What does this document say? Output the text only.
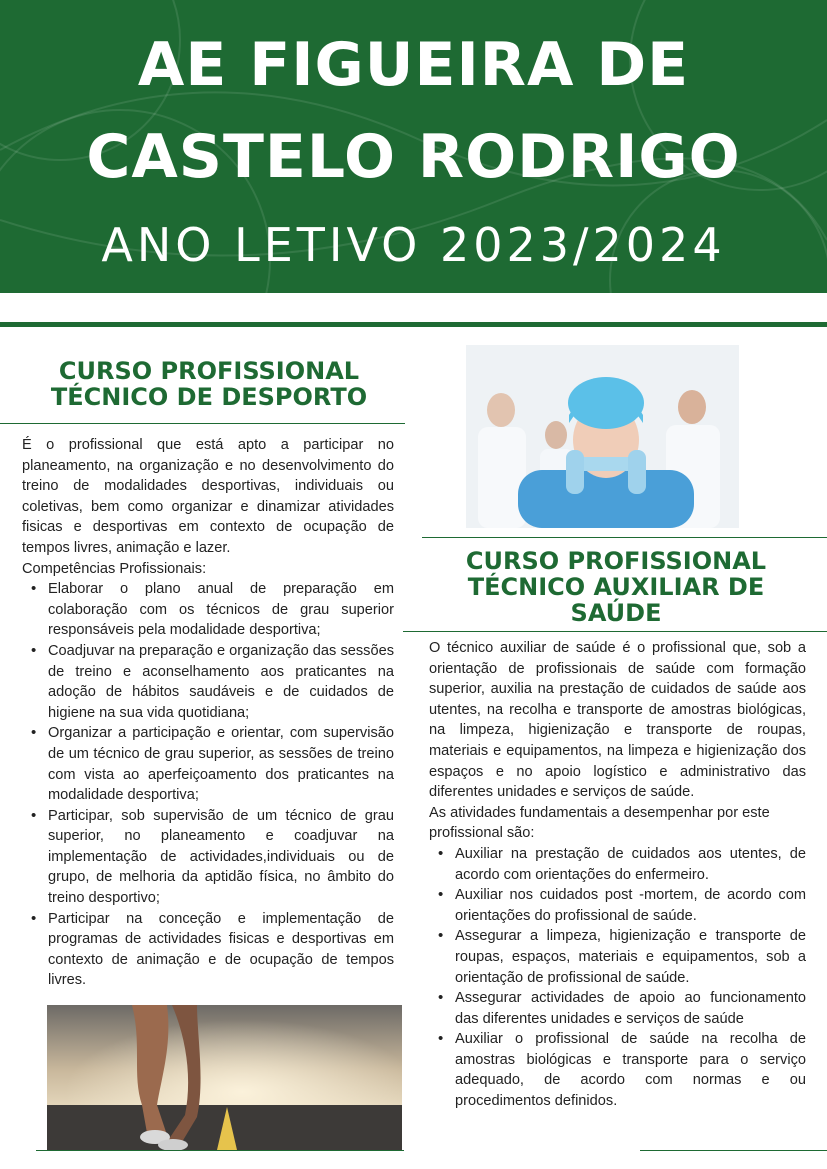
AE FIGUEIRA DE
CASTELO RODRIGO
ANO LETIVO 2023/2024
CURSO PROFISSIONAL
TÉCNICO DE DESPORTO

É o profissional que está apto a participar no planeamento, na organização e no desenvolvimento do treino de modalidades desportivas, individuais ou coletivas, bem como organizar e dinamizar atividades fisicas e desportivas em contexto de ocupação de tempos livres, animação e lazer.

Competências Profissionais:

• Elaborar o plano anual de preparação em colaboração com os técnicos de grau superior responsáveis pela modalidade desportiva;
• Coadjuvar na preparação e organização das sessões de treino e aconselhamento aos praticantes na adoção de hábitos saudáveis e de cuidados de higiene na sua vida quotidiana;
• Organizar a participação e orientar, com supervisão de um técnico de grau superior, as sessões de treino com vista ao aperfeiçoamento dos praticantes na modalidade desportiva;
• Participar, sob supervisão de um técnico de grau superior, no planeamento e coadjuvar na implementação de actividades,individuais ou de grupo, de melhoria da aptidão física, no âmbito do treino desportivo;
• Participar na conceção e implementação de programas de actividades fisicas e desportivas em contexto de animação e de ocupação de tempos livres.
CURSO PROFISSIONAL
TÉCNICO AUXILIAR DE
SAÚDE

O técnico auxiliar de saúde é o profissional que, sob a orientação de profissionais de saúde com formação superior, auxilia na prestação de cuidados de saúde aos utentes, na recolha e transporte de amostras biológicas, na limpeza, higienização e transporte de roupas, materiais e equipamentos, na limpeza e higienização dos espaços e no apoio logístico e administrativo das diferentes unidades e serviços de saúde.

As atividades fundamentais a desempenhar por este profissional são:

• Auxiliar na prestação de cuidados aos utentes, de acordo com orientações do enfermeiro.
• Auxiliar nos cuidados post -mortem, de acordo com orientações do profissional de saúde.
• Assegurar a limpeza, higienização e transporte de roupas, espaços, materiais e equipamentos, sob a orientação de profissional de saúde.
• Assegurar actividades de apoio ao funcionamento das diferentes unidades e serviços de saúde
• Auxiliar o profissional de saúde na recolha de amostras biológicas e transporte para o serviço adequado, de acordo com normas e ou procedimentos definidos.
